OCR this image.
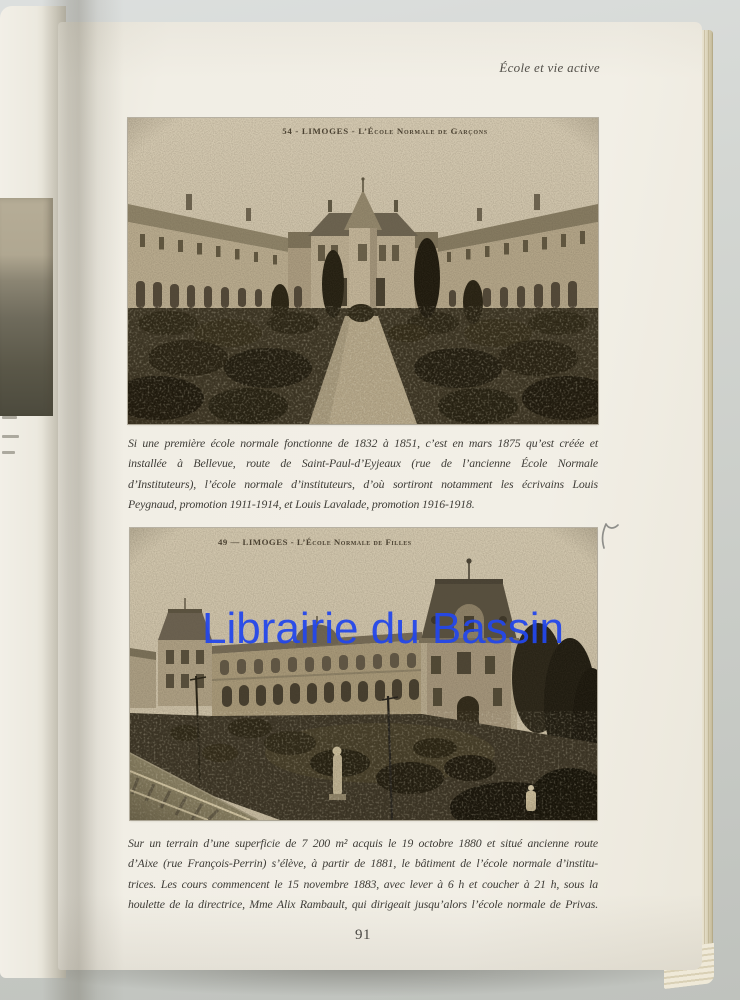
École et vie active
54 - LIMOGES - L’École Normale de Garçons
Si une première école normale fonctionne de 1832 à 1851, c’est en mars 1875 qu’est créée et
installée à Bellevue, route de Saint-Paul-d’Eyjeaux (rue de l’ancienne École Normale
d’Instituteurs), l’école normale d’instituteurs, d’où sortiront notamment les écrivains Louis
Peygnaud, promotion 1911-1914, et Louis Lavalade, promotion 1916-1918.
49 — LIMOGES - L’École Normale de Filles
Librairie du Bassin
Sur un terrain d’une superficie de 7 200 m² acquis le 19 octobre 1880 et situé ancienne route
d’Aixe (rue François-Perrin) s’élève, à partir de 1881, le bâtiment de l’école normale d’institu-
trices. Les cours commencent le 15 novembre 1883, avec lever à 6 h et coucher à 21 h, sous la
houlette de la directrice, Mme Alix Rambault, qui dirigeait jusqu’alors l’école normale de Privas.
91
